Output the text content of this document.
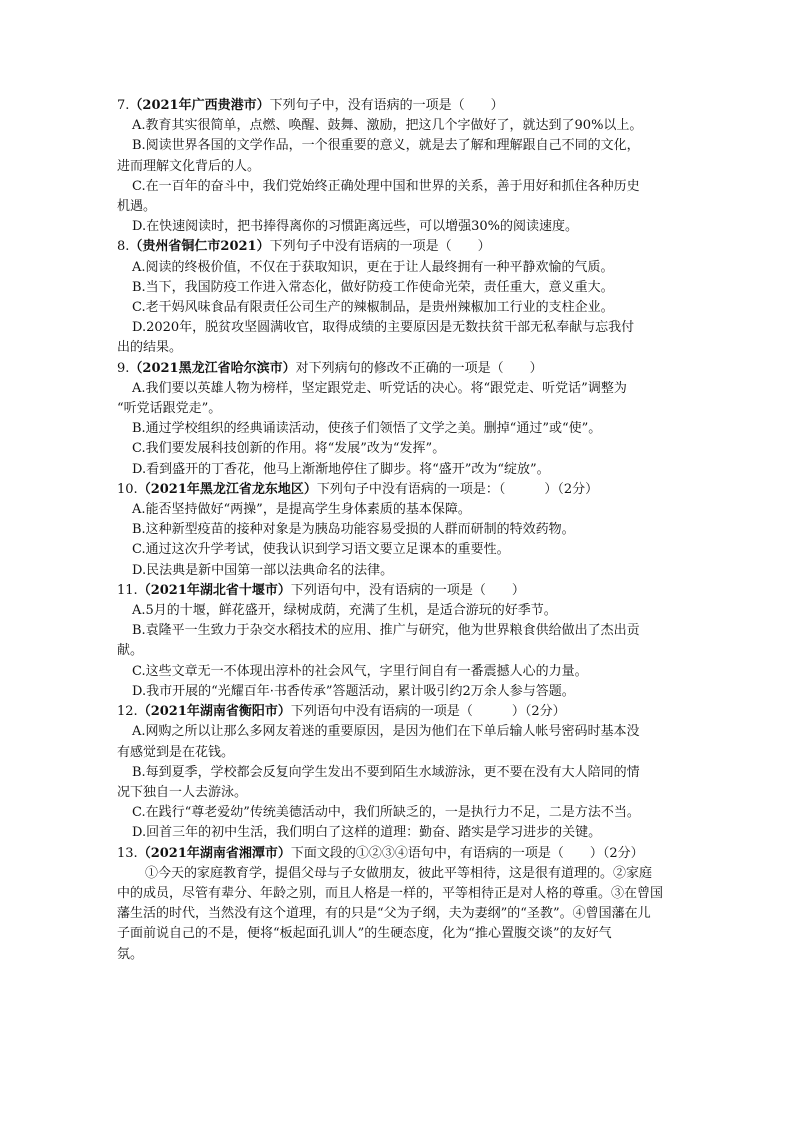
7.（2021年广西贵港市）下列句子中，没有语病的一项是（　　）
A.教育其实很简单，点燃、唤醒、鼓舞、激励，把这几个字做好了，就达到了90%以上。
B.阅读世界各国的文学作品，一个很重要的意义，就是去了解和理解跟自己不同的文化，
进而理解文化背后的人。
C.在一百年的奋斗中，我们党始终正确处理中国和世界的关系，善于用好和抓住各种历史
机遇。
D.在快速阅读时，把书捧得离你的习惯距离远些，可以增强30%的阅读速度。
8.（贵州省铜仁市2021）下列句子中没有语病的一项是（　　）
A.阅读的终极价值，不仅在于获取知识，更在于让人最终拥有一种平静欢愉的气质。
B.当下，我国防疫工作进入常态化，做好防疫工作使命光荣，责任重大，意义重大。
C.老干妈风味食品有限责任公司生产的辣椒制品，是贵州辣椒加工行业的支柱企业。
D.2020年，脱贫攻坚圆满收官，取得成绩的主要原因是无数扶贫干部无私奉献与忘我付
出的结果。
9.（2021黑龙江省哈尔滨市）对下列病句的修改不正确的一项是（　　）
A.我们要以英雄人物为榜样，坚定跟党走、听党话的决心。将“跟党走、听党话”调整为
“听党话跟党走”。
B.通过学校组织的经典诵读活动，使孩子们领悟了文学之美。删掉“通过”或“使”。
C.我们要发展科技创新的作用。将“发展”改为“发挥”。
D.看到盛开的丁香花，他马上渐渐地停住了脚步。将“盛开”改为“绽放”。
10.（2021年黑龙江省龙东地区）下列句子中没有语病的一项是：（　　　）（2分）
A.能否坚持做好“两操”，是提高学生身体素质的基本保障。
B.这种新型疫苗的接种对象是为胰岛功能容易受损的人群而研制的特效药物。
C.通过这次升学考试，使我认识到学习语文要立足课本的重要性。
D.民法典是新中国第一部以法典命名的法律。
11.（2021年湖北省十堰市）下列语句中，没有语病的一项是（　　）
A.5月的十堰，鲜花盛开，绿树成荫，充满了生机，是适合游玩的好季节。
B.袁隆平一生致力于杂交水稻技术的应用、推广与研究，他为世界粮食供给做出了杰出贡
献。
C.这些文章无一不体现出淳朴的社会风气，字里行间自有一番震撼人心的力量。
D.我市开展的“光耀百年·书香传承”答题活动，累计吸引约2万余人参与答题。
12.（2021年湖南省衡阳市）下列语句中没有语病的一项是（　　　）（2分）
A.网购之所以让那么多网友着迷的重要原因，是因为他们在下单后输人帐号密码时基本没
有感觉到是在花钱。
B.每到夏季，学校都会反复向学生发出不要到陌生水域游泳，更不要在没有大人陪同的情
况下独自一人去游泳。
C.在践行“尊老爱幼”传统美德活动中，我们所缺乏的，一是执行力不足，二是方法不当。
D.回首三年的初中生活，我们明白了这样的道理：勤奋、踏实是学习进步的关键。
13.（2021年湖南省湘潭市）下面文段的①②③④语句中，有语病的一项是（　　）（2分）
①今天的家庭教育学，提倡父母与子女做朋友，彼此平等相待，这是很有道理的。②家庭
中的成员，尽管有辈分、年龄之别，而且人格是一样的，平等相待正是对人格的尊重。③在曾国
藩生活的时代，当然没有这个道理，有的只是“父为子纲，夫为妻纲”的“圣教”。④曾国藩在儿
子面前说自己的不是，便将“板起面孔训人”的生硬态度，化为“推心置腹交谈”的友好气
氛。
